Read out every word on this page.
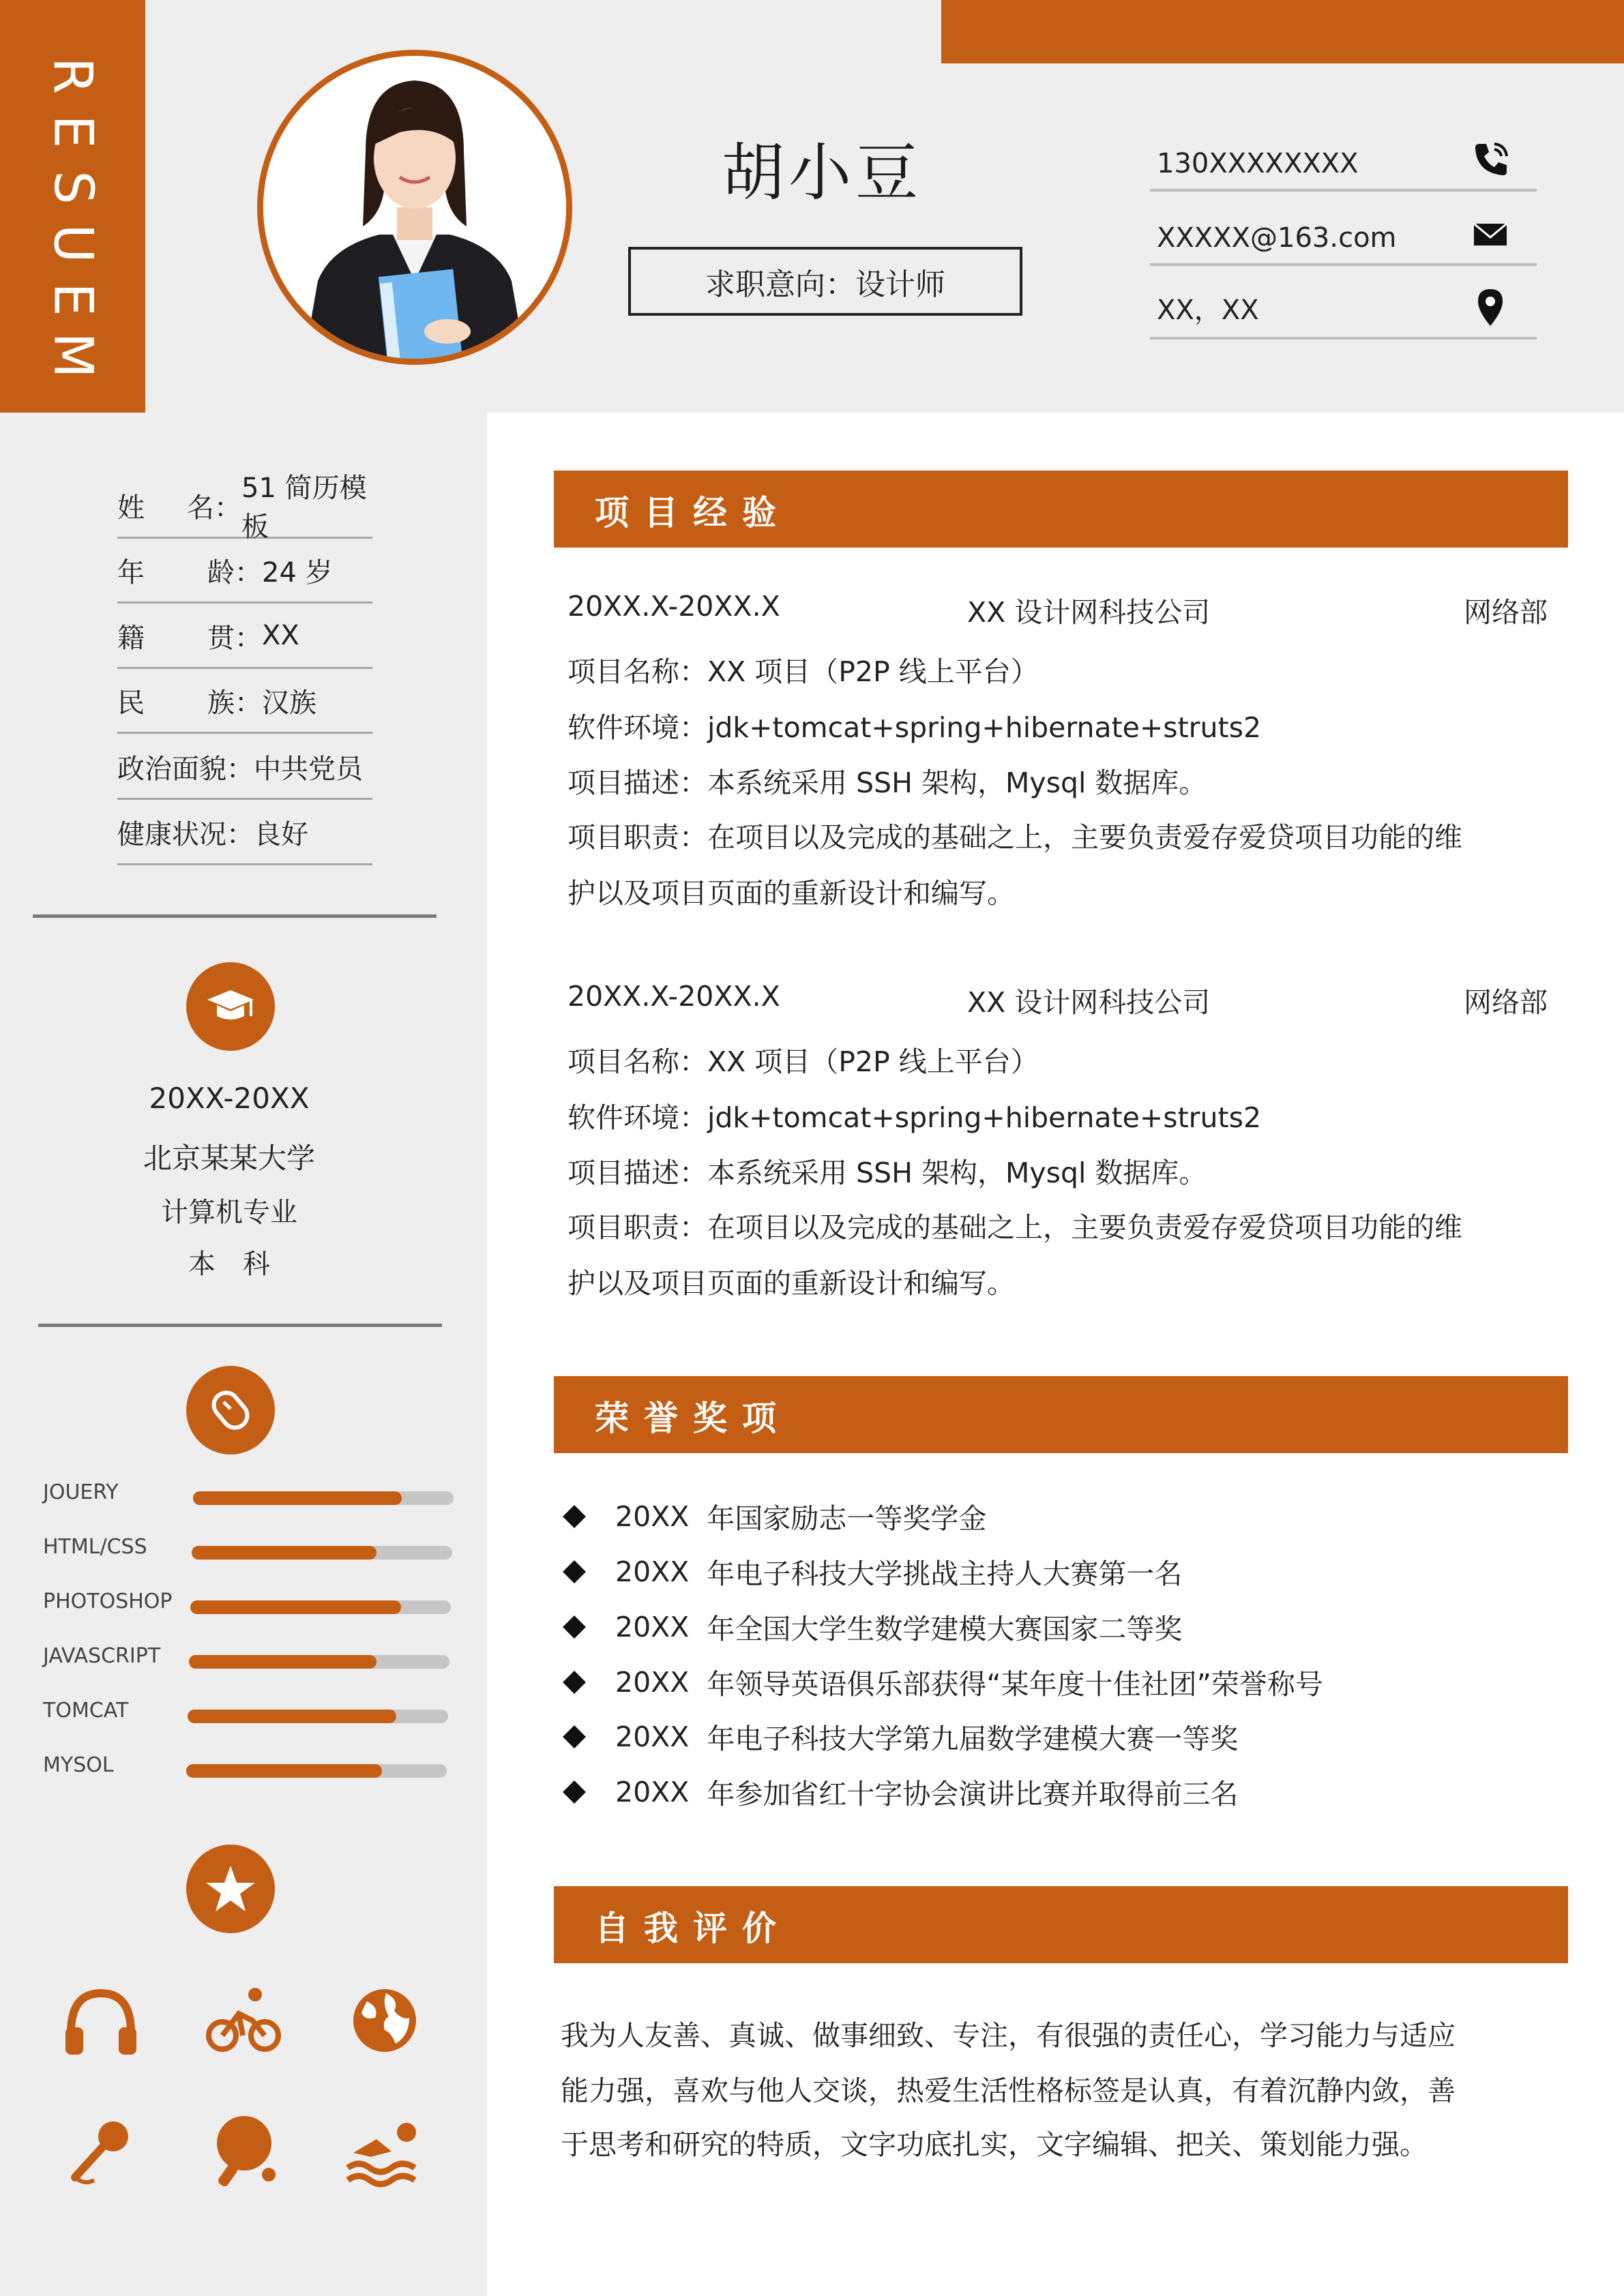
R
E
S
U
E
M
胡小豆
求职意向：设计师
130XXXXXXXX
XXXXX@163.com
XX，XX
姓 名：
51 简历模板
年 龄： 24 岁
籍 贯： XX
民 族： 汉族
政治面貌： 中共党员
健康状况： 良好
20XX-20XX
北京某某大学
计算机专业
本　科
JOUERY
HTML/CSS
PHOTOSHOP
JAVASCRIPT
TOMCAT
MYSOL
项目经验
20XX.X-20XX.X	XX 设计网科技公司	网络部
项目名称：XX 项目（P2P 线上平台）
软件环境：jdk+tomcat+spring+hibernate+struts2
项目描述：本系统采用 SSH 架构，Mysql 数据库。
项目职责：在项目以及完成的基础之上，主要负责爱存爱贷项目功能的维
护以及项目页面的重新设计和编写。
20XX.X-20XX.X	XX 设计网科技公司	网络部
项目名称：XX 项目（P2P 线上平台）
软件环境：jdk+tomcat+spring+hibernate+struts2
项目描述：本系统采用 SSH 架构，Mysql 数据库。
项目职责：在项目以及完成的基础之上，主要负责爱存爱贷项目功能的维
护以及项目页面的重新设计和编写。
荣誉奖项
20XX 年国家励志一等奖学金
20XX 年电子科技大学挑战主持人大赛第一名
20XX 年全国大学生数学建模大赛国家二等奖
20XX 年领导英语俱乐部获得“某年度十佳社团”荣誉称号
20XX 年电子科技大学第九届数学建模大赛一等奖
20XX 年参加省红十字协会演讲比赛并取得前三名
自我评价
我为人友善、真诚、做事细致、专注，有很强的责任心，学习能力与适应
能力强，喜欢与他人交谈，热爱生活性格标签是认真，有着沉静内敛，善
于思考和研究的特质，文字功底扎实，文字编辑、把关、策划能力强。
